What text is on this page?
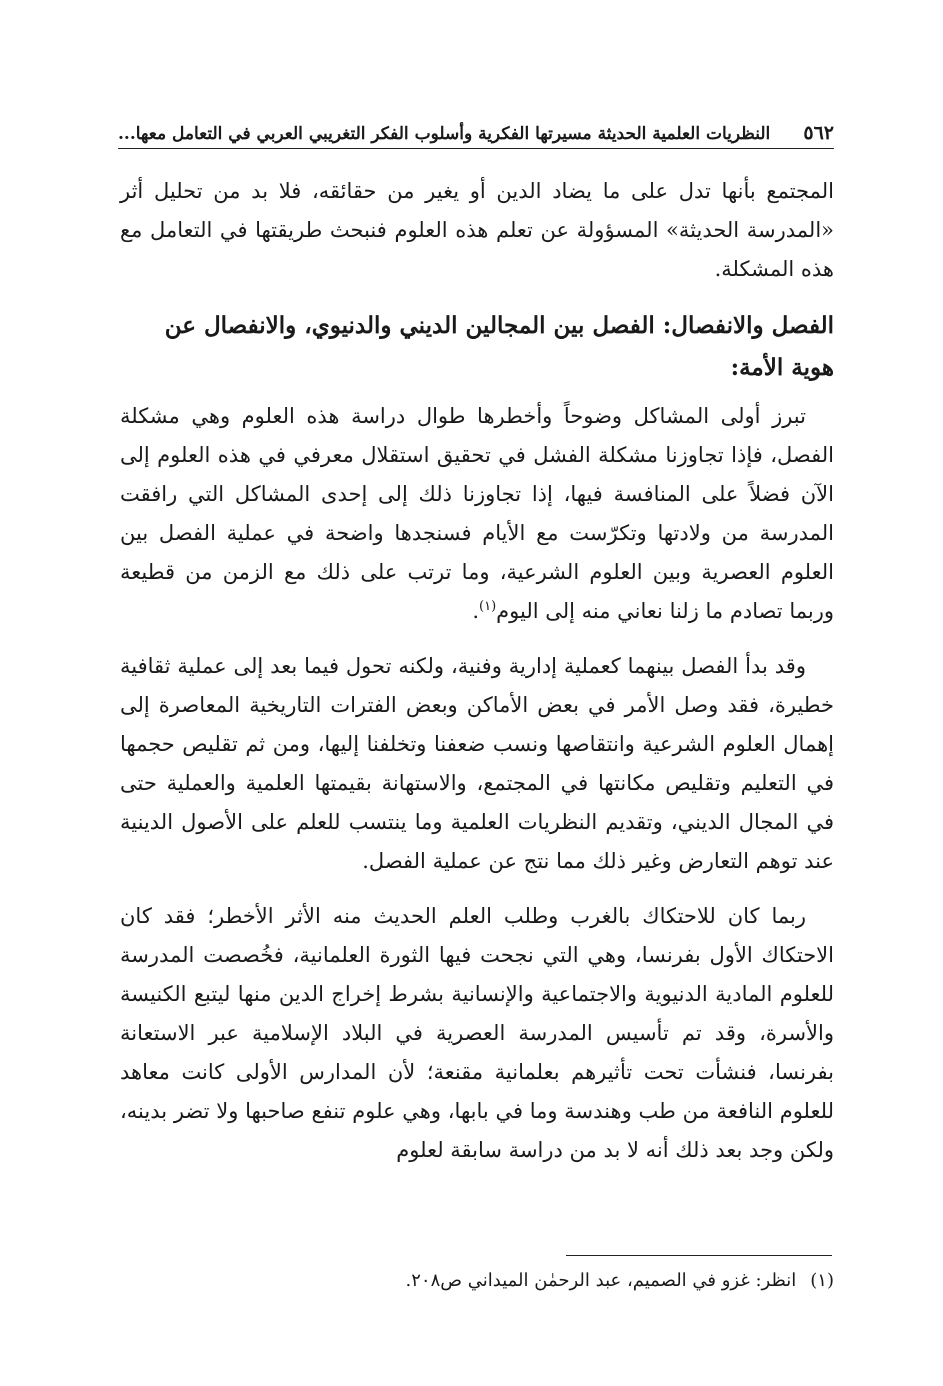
٥٦٢
النظريات العلمية الحديثة مسيرتها الفكرية وأسلوب الفكر التغريبي العربي في التعامل معها...

المجتمع بأنها تدل على ما يضاد الدين أو يغير من حقائقه، فلا بد من تحليل أثر «المدرسة الحديثة» المسؤولة عن تعلم هذه العلوم فنبحث طريقتها في التعامل مع هذه المشكلة.

الفصل والانفصال: الفصل بين المجالين الديني والدنيوي، والانفصال عن هوية الأمة:

تبرز أولى المشاكل وضوحاً وأخطرها طوال دراسة هذه العلوم وهي مشكلة الفصل، فإذا تجاوزنا مشكلة الفشل في تحقيق استقلال معرفي في هذه العلوم إلى الآن فضلاً على المنافسة فيها، إذا تجاوزنا ذلك إلى إحدى المشاكل التي رافقت المدرسة من ولادتها وتكرّست مع الأيام فسنجدها واضحة في عملية الفصل بين العلوم العصرية وبين العلوم الشرعية، وما ترتب على ذلك مع الزمن من قطيعة وربما تصادم ما زلنا نعاني منه إلى اليوم$^{(١)}$.

وقد بدأ الفصل بينهما كعملية إدارية وفنية، ولكنه تحول فيما بعد إلى عملية ثقافية خطيرة، فقد وصل الأمر في بعض الأماكن وبعض الفترات التاريخية المعاصرة إلى إهمال العلوم الشرعية وانتقاصها ونسب ضعفنا وتخلفنا إليها، ومن ثم تقليص حجمها في التعليم وتقليص مكانتها في المجتمع، والاستهانة بقيمتها العلمية والعملية حتى في المجال الديني، وتقديم النظريات العلمية وما ينتسب للعلم على الأصول الدينية عند توهم التعارض وغير ذلك مما نتج عن عملية الفصل.

ربما كان للاحتكاك بالغرب وطلب العلم الحديث منه الأثر الأخطر؛ فقد كان الاحتكاك الأول بفرنسا، وهي التي نجحت فيها الثورة العلمانية، فخُصصت المدرسة للعلوم المادية الدنيوية والاجتماعية والإنسانية بشرط إخراج الدين منها ليتبع الكنيسة والأسرة، وقد تم تأسيس المدرسة العصرية في البلاد الإسلامية عبر الاستعانة بفرنسا، فنشأت تحت تأثيرهم بعلمانية مقنعة؛ لأن المدارس الأولى كانت معاهد للعلوم النافعة من طب وهندسة وما في بابها، وهي علوم تنفع صاحبها ولا تضر بدينه، ولكن وجد بعد ذلك أنه لا بد من دراسة سابقة لعلوم

(١)انظر: غزو في الصميم، عبد الرحمٰن الميداني ص٢٠٨.
